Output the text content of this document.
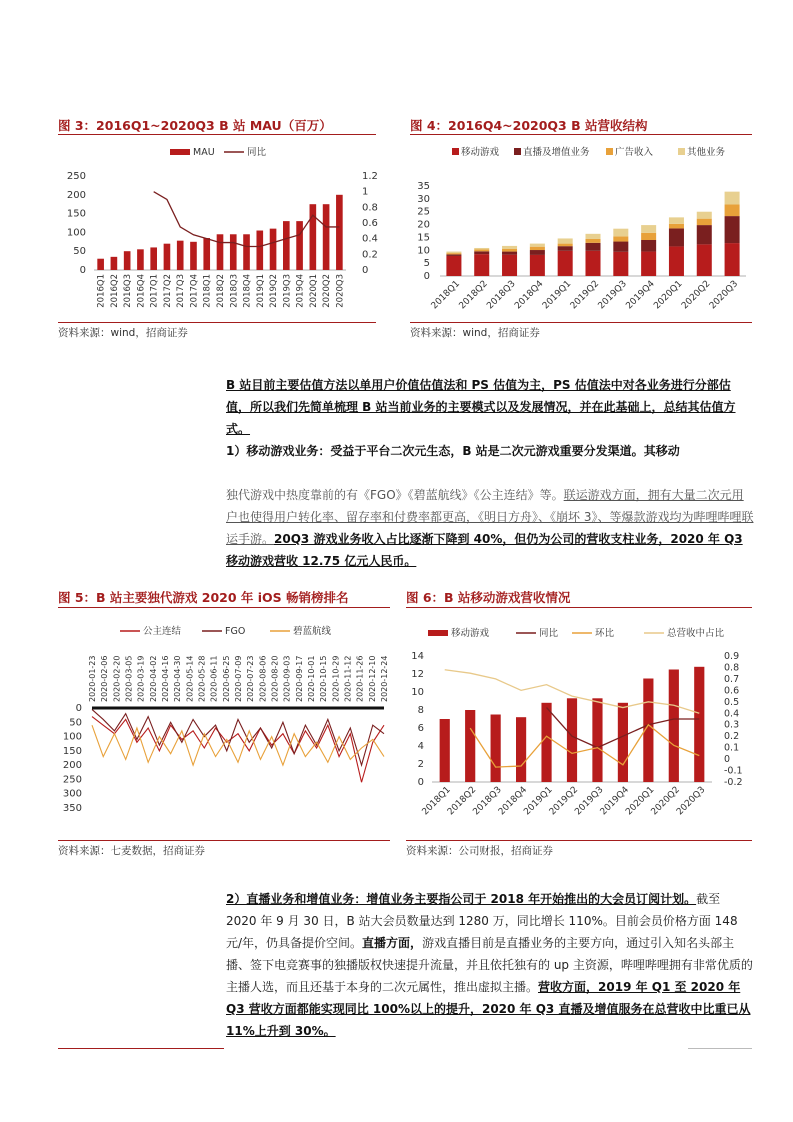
图 3：2016Q1~2020Q3 B 站 MAU（百万）
MAU	同比
0
50
100
150
200
250
0
0.2
0.4
0.6
0.8
1
1.2
2016Q1 2016Q2 2016Q3 2016Q4 2017Q1 2017Q2 2017Q3 2017Q4 2018Q1 2018Q2 2018Q3 2018Q4 2019Q1 2019Q2 2019Q3 2019Q4 2020Q1 2020Q2 2020Q3
资料来源：wind，招商证券
图 4：2016Q4~2020Q3 B 站营收结构
移动游戏	直播及增值业务	广告收入	其他业务
0
5
10
15
20
25
30
35
2018Q1
2018Q2
2018Q3
2018Q4
2019Q1
2019Q2
2019Q3
2019Q4
2020Q1
2020Q2
2020Q3
资料来源：wind，招商证券
B 站目前主要估值方法以单用户价值估值法和 PS 估值为主，PS 估值法中对各业务进行分部估值，所以我们先简单梳理 B 站当前业务的主要模式以及发展情况，并在此基础上，总结其估值方式。
1）移动游戏业务：受益于平台二次元生态，B 站是二次元游戏重要分发渠道。其移动
独代游戏中热度靠前的有《FGO》《碧蓝航线》《公主连结》等。联运游戏方面，拥有大量二次元用户也使得用户转化率、留存率和付费率都更高，《明日方舟》、《崩坏 3》、等爆款游戏均为哔哩哔哩联运手游。20Q3 游戏业务收入占比逐渐下降到 40%，但仍为公司的营收支柱业务，2020 年 Q3 移动游戏营收 12.75 亿元人民币。
图 5：B 站主要独代游戏 2020 年 iOS 畅销榜排名
公主连结	FGO	碧蓝航线
0
50
100
150
200
250
300
350
2020-01-23 2020-02-06 2020-02-20 2020-03-05 2020-03-19 2020-04-02 2020-04-16 2020-04-30 2020-05-14 2020-05-28 2020-06-11 2020-06-25 2020-07-09 2020-07-23 2020-08-06 2020-08-20 2020-09-03 2020-09-17 2020-10-01 2020-10-15 2020-10-29 2020-11-12 2020-11-26 2020-12-10 2020-12-24
资料来源：七麦数据，招商证券
图 6：B 站移动游戏营收情况
移动游戏	同比	环比	总营收中占比
0
2
4
6
8
10
12
14
-0.2
-0.1
0
0.1
0.2
0.3
0.4
0.5
0.6
0.7
0.8
0.9
2018Q1
2018Q2
2018Q3
2018Q4
2019Q1
2019Q2
2019Q3
2019Q4
2020Q1
2020Q2
2020Q3
资料来源：公司财报，招商证券
2）直播业务和增值业务：增值业务主要指公司于 2018 年开始推出的大会员订阅计划。截至 2020 年 9 月 30 日，B 站大会员数量达到 1280 万，同比增长 110%。目前会员价格方面 148 元/年，仍具备提价空间。直播方面，游戏直播目前是直播业务的主要方向，通过引入知名头部主播、签下电竞赛事的独播版权快速提升流量，并且依托独有的 up 主资源，哔哩哔哩拥有非常优质的主播人选，而且还基于本身的二次元属性，推出虚拟主播。营收方面，2019 年 Q1 至 2020 年 Q3 营收方面都能实现同比 100%以上的提升，2020 年 Q3 直播及增值服务在总营收中比重已从 11%上升到 30%。
